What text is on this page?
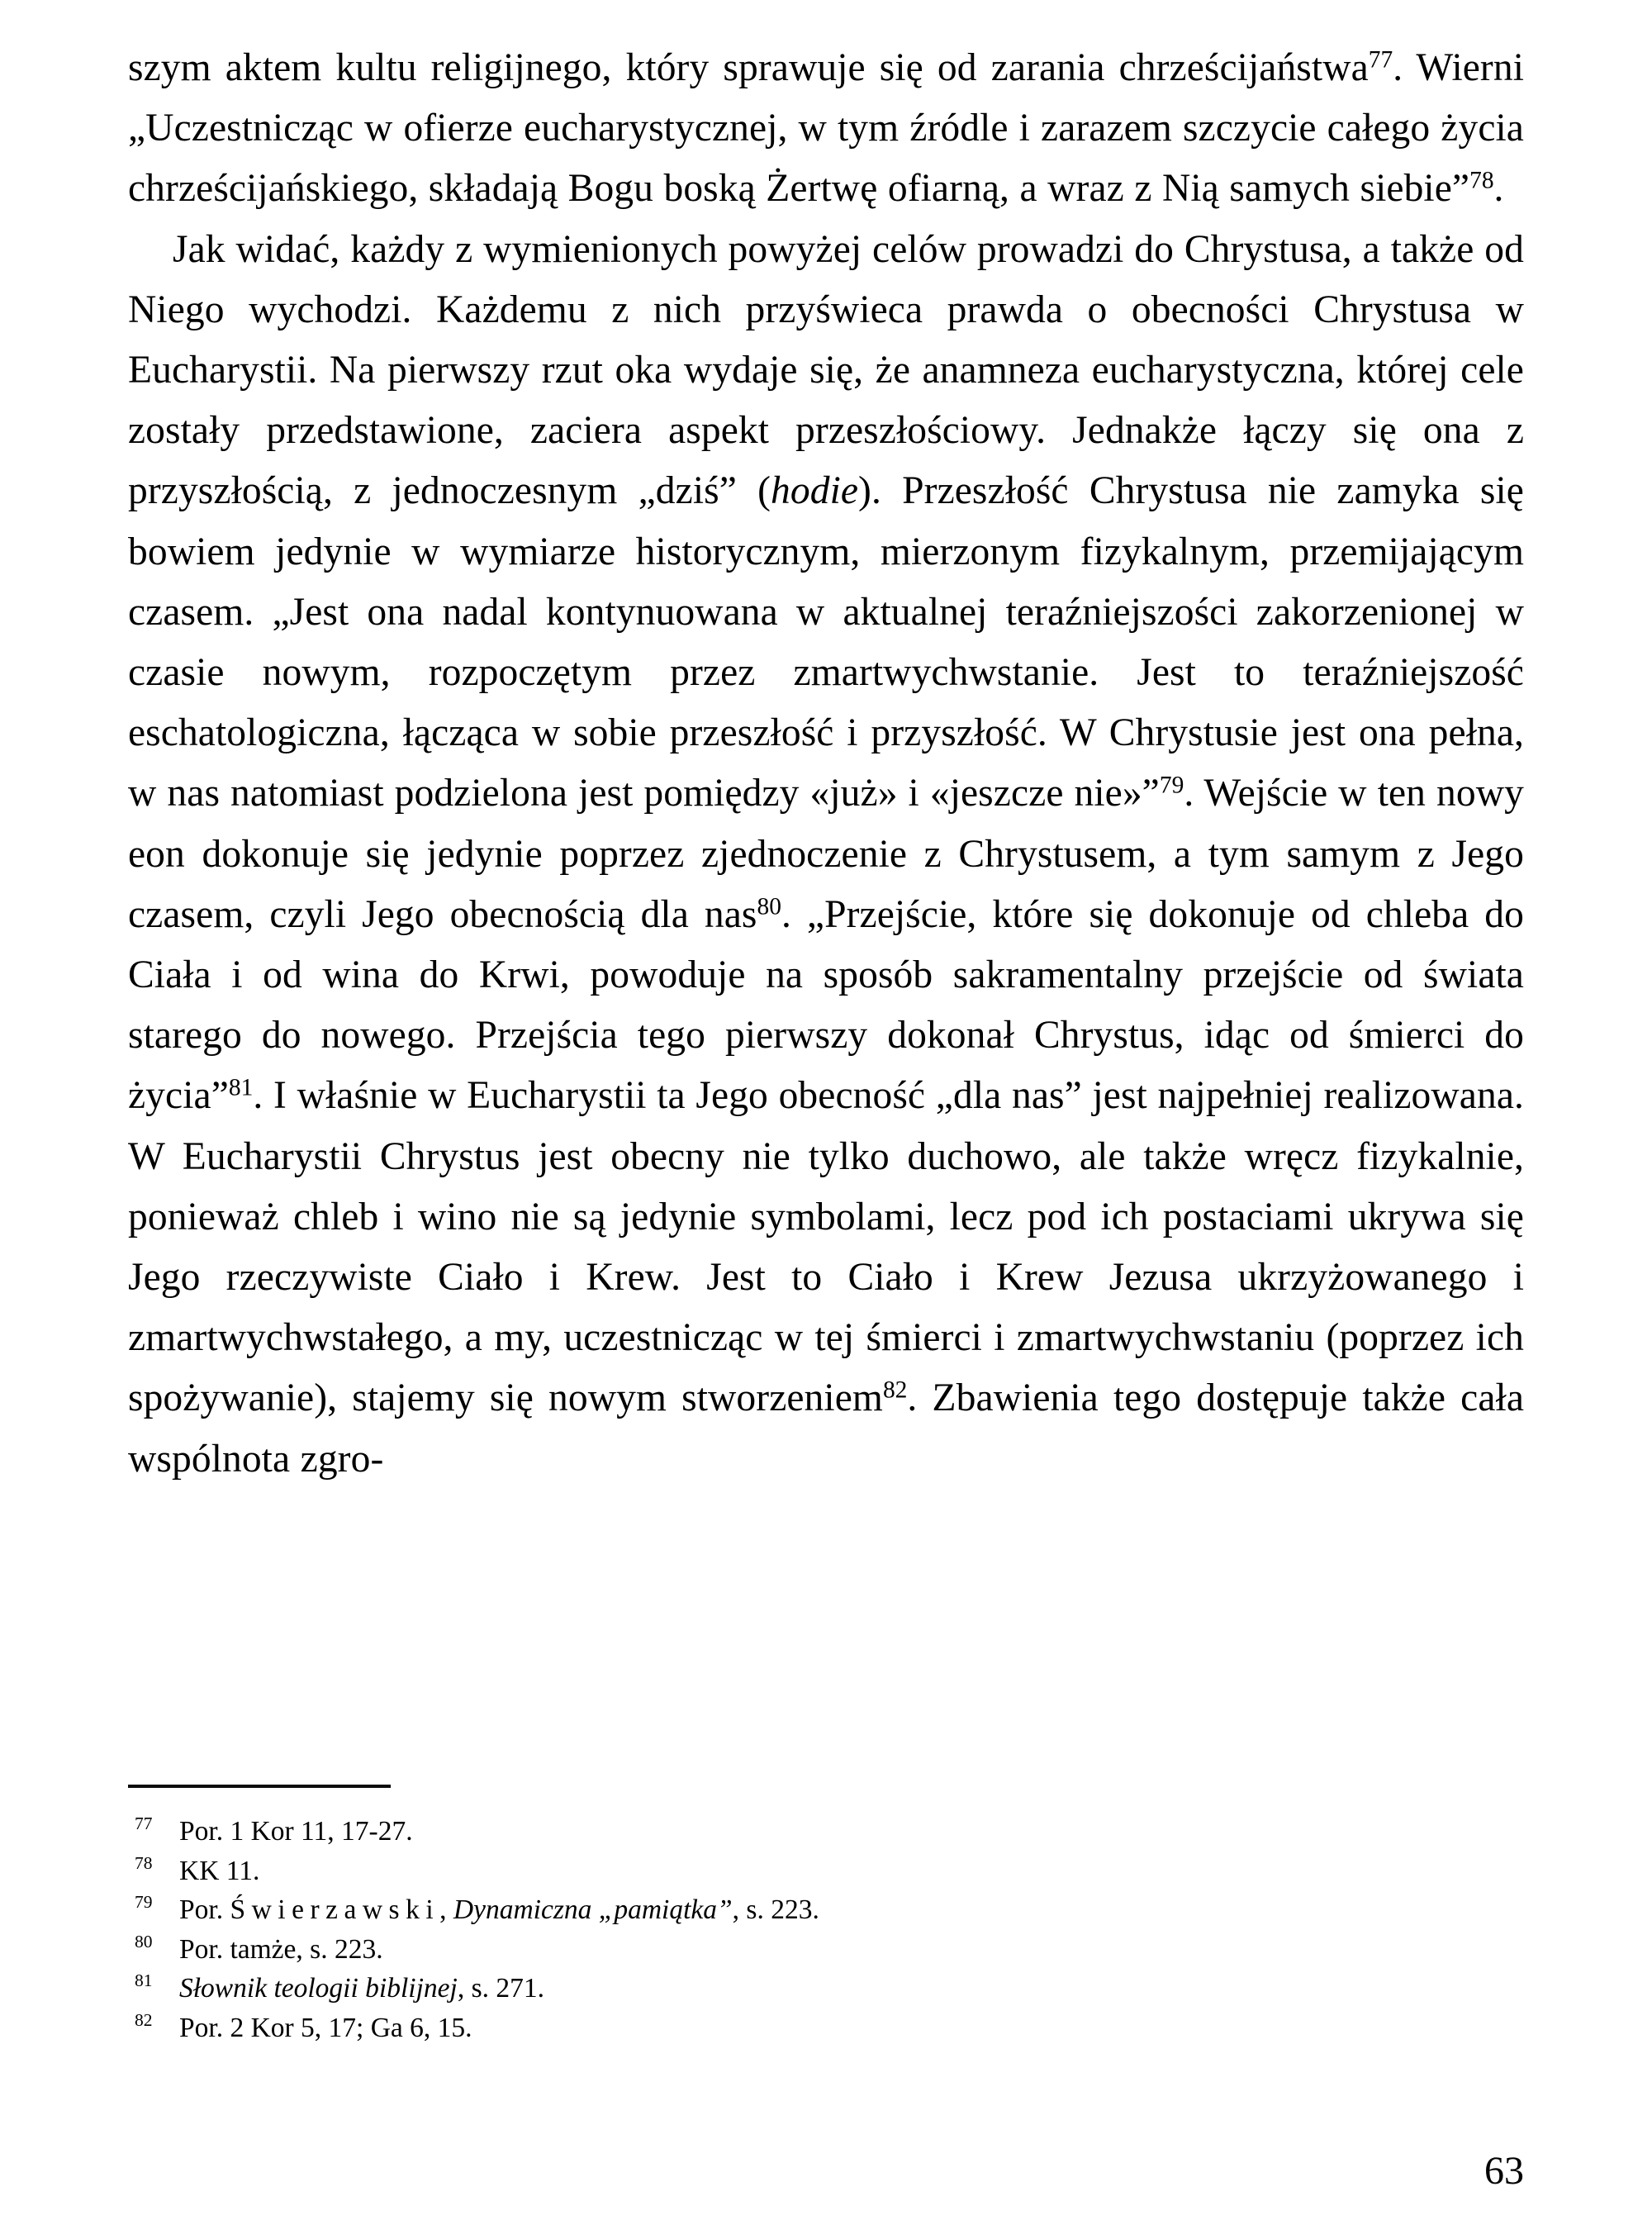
szym aktem kultu religijnego, który sprawuje się od zarania chrześcijaństwa$^{77}$. Wierni „Uczestnicząc w ofierze eucharystycznej, w tym źródle i zarazem szczycie całego życia chrześcijańskiego, składają Bogu boską Żertwę ofiarną, a wraz z Nią samych siebie”$^{78}$.

Jak widać, każdy z wymienionych powyżej celów prowadzi do Chrystusa, a także od Niego wychodzi. Każdemu z nich przyświeca prawda o obecności Chrystusa w Eucharystii. Na pierwszy rzut oka wydaje się, że anamneza eucharystyczna, której cele zostały przedstawione, zaciera aspekt przeszłościowy. Jednakże łączy się ona z przyszłością, z jednoczesnym „dziś” (hodie). Przeszłość Chrystusa nie zamyka się bowiem jedynie w wymiarze historycznym, mierzonym fizykalnym, przemijającym czasem. „Jest ona nadal kontynuowana w aktualnej teraźniejszości zakorzenionej w czasie nowym, rozpoczętym przez zmartwychwstanie. Jest to teraźniejszość eschatologiczna, łącząca w sobie przeszłość i przyszłość. W Chrystusie jest ona pełna, w nas natomiast podzielona jest pomiędzy «już» i «jeszcze nie»”$^{79}$. Wejście w ten nowy eon dokonuje się jedynie poprzez zjednoczenie z Chrystusem, a tym samym z Jego czasem, czyli Jego obecnością dla nas$^{80}$. „Przejście, które się dokonuje od chleba do Ciała i od wina do Krwi, powoduje na sposób sakramentalny przejście od świata starego do nowego. Przejścia tego pierwszy dokonał Chrystus, idąc od śmierci do życia”$^{81}$. I właśnie w Eucharystii ta Jego obecność „dla nas” jest najpełniej realizowana. W Eucharystii Chrystus jest obecny nie tylko duchowo, ale także wręcz fizykalnie, ponieważ chleb i wino nie są jedynie symbolami, lecz pod ich postaciami ukrywa się Jego rzeczywiste Ciało i Krew. Jest to Ciało i Krew Jezusa ukrzyżowanego i zmartwychwstałego, a my, uczestnicząc w tej śmierci i zmartwychwstaniu (poprzez ich spożywanie), stajemy się nowym stworzeniem$^{82}$. Zbawienia tego dostępuje także cała wspólnota zgro-

77 Por. 1 Kor 11, 17-27.
78 KK 11.
79 Por. Świerzawski, Dynamiczna „pamiątka”, s. 223.
80 Por. tamże, s. 223.
81 Słownik teologii biblijnej, s. 271.
82 Por. 2 Kor 5, 17; Ga 6, 15.
63
